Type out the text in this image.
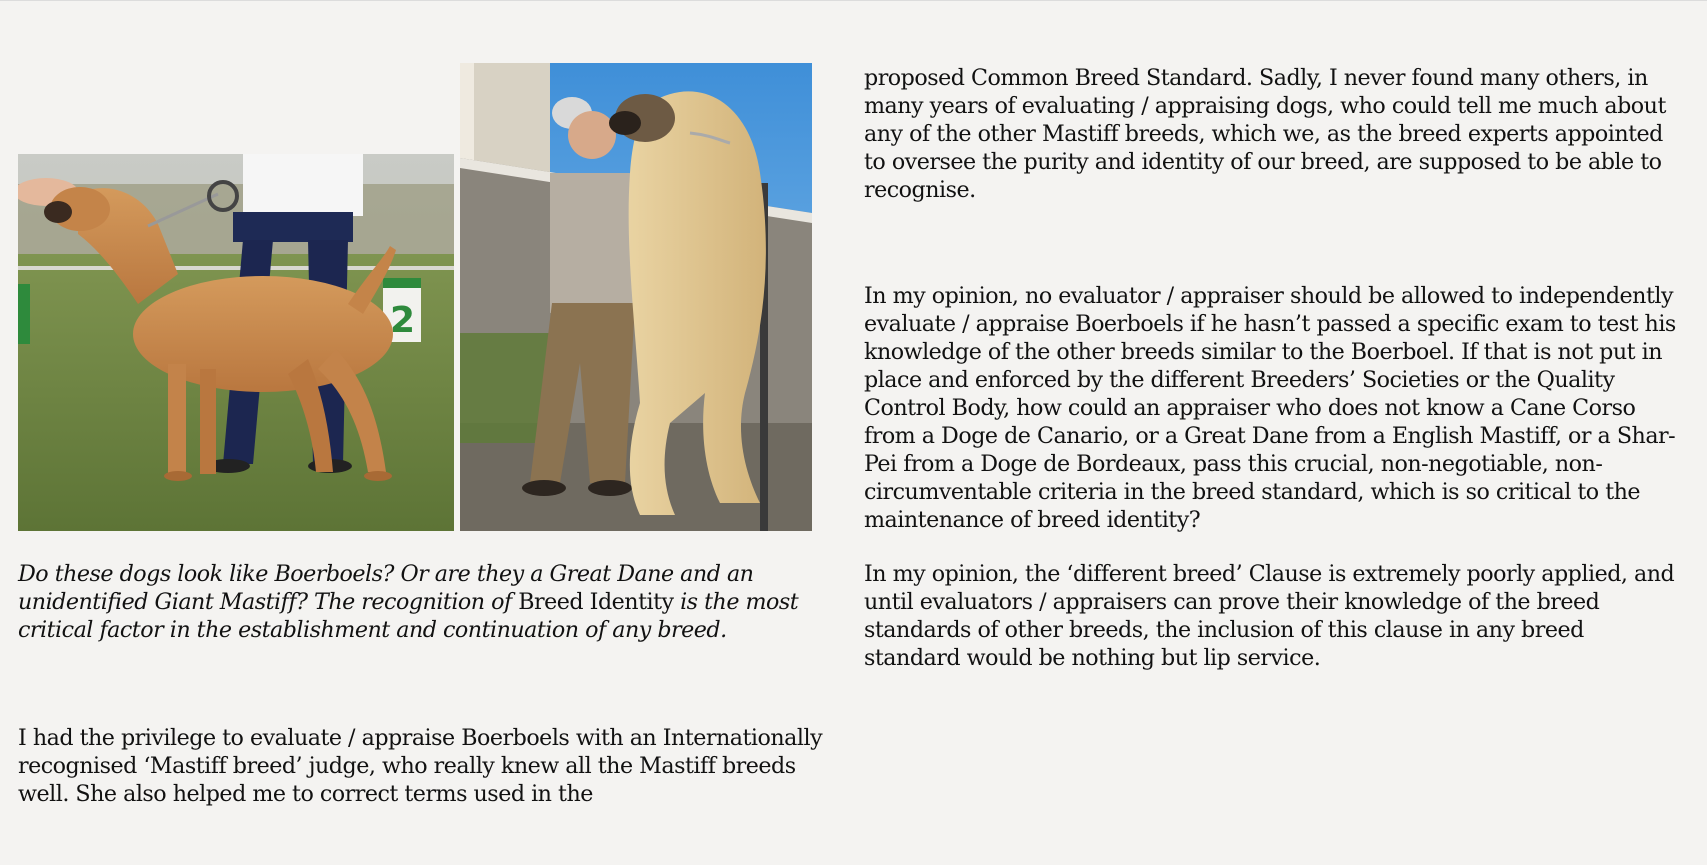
2

Do these dogs look like Boerboels? Or are they a Great Dane and an unidentified Giant Mastiff? The recognition of Breed Identity is the most critical factor in the establishment and continuation of any breed.

I had the privilege to evaluate / appraise Boerboels with an Internationally recognised ‘Mastiff breed’ judge, who really knew all the Mastiff breeds well. She also helped me to correct terms used in the

proposed Common Breed Standard. Sadly, I never found many others, in many years of evaluating / appraising dogs, who could tell me much about any of the other Mastiff breeds, which we, as the breed experts appointed to oversee the purity and identity of our breed, are supposed to be able to recognise.

In my opinion, no evaluator / appraiser should be allowed to independently evaluate / appraise Boerboels if he hasn’t passed a specific exam to test his knowledge of the other breeds similar to the Boerboel. If that is not put in place and enforced by the different Breeders’ Societies or the Quality Control Body, how could an appraiser who does not know a Cane Corso from a Doge de Canario, or a Great Dane from a English Mastiff, or a Shar-Pei from a Doge de Bordeaux, pass this crucial, non-negotiable, non-circumventable criteria in the breed standard, which is so critical to the maintenance of breed identity?

In my opinion, the ‘different breed’ Clause is extremely poorly applied, and until evaluators / appraisers can prove their knowledge of the breed standards of other breeds, the inclusion of this clause in any breed standard would be nothing but lip service.
